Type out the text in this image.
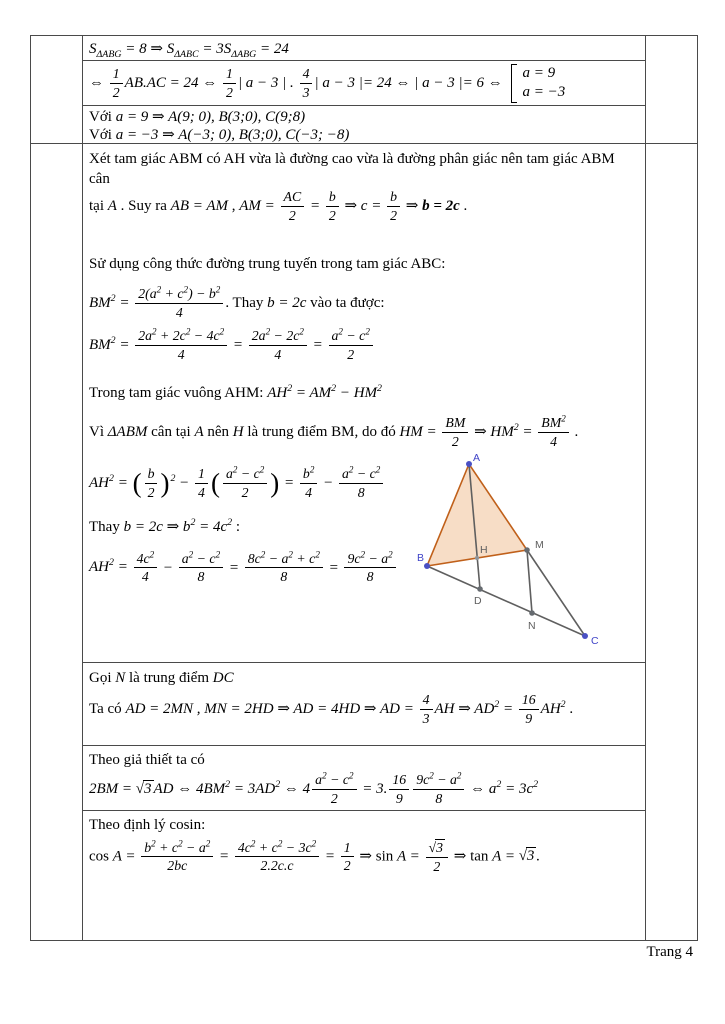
$S_{\Delta ABG} = 8$ ⇒ $S_{\Delta ABC} = 3S_{\Delta ABG} = 24$
⇔ $\frac{1}{2} AB.AC = 24$ ⇔ $\frac{1}{2}$ | a − 3 | . $\frac{4}{3}$ | a − 3 |= 24 ⇔ | a − 3 |= 6 ⇔
a = 9
a = −3
Với a = 9 ⇒ A(9; 0), B(3;0), C(9;8)
Với a = −3 ⇒ A(−3; 0), B(3;0), C(−3; −8)
Xét tam giác ABM có AH vừa là đường cao vừa là đường phân giác nên tam giác ABM cân
tại A . Suy ra AB = AM , AM = $\frac{AC}{2} = \frac{b}{2}$ ⇒ $c = \frac{b}{2}$ ⇒ b = 2c .
Sử dụng công thức đường trung tuyến trong tam giác ABC:
$BM^2 = \frac{2(a^2 + c^2) - b^2}{4}$ . Thay b = 2c vào ta được:
$BM^2 = \frac{2a^2 + 2c^2 - 4c^2}{4} = \frac{2a^2 - 2c^2}{4} = \frac{a^2 - c^2}{2}$
Trong tam giác vuông AHM: $AH^2 = AM^2 - HM^2$
Vì ΔABM cân tại A nên H là trung điểm BM, do đó HM = $\frac{BM}{2}$ ⇒ $HM^2 = \frac{BM^2}{4}$ .
$AH^2$ = ( $\frac{b}{2} )^2 - \frac{1}{4}$ ( $\frac{a^2 - c^2}{2}$ ) = $\frac{b^2}{4} - \frac{a^2 - c^2}{8}$
Thay b = 2c ⇒ $b^2 = 4c^2$ :
$AH^2 = \frac{4c^2}{4} - \frac{a^2 - c^2}{8} = \frac{8c^2 - a^2 + c^2}{8} = \frac{9c^2 - a^2}{8}$
A
B
C
M
H
D
N
Gọi N là trung điểm DC
Ta có AD = 2MN , MN = 2HD ⇒ AD = 4HD ⇒ AD = $\frac{4}{3}$ AH ⇒ $AD^2 = \frac{16}{9} AH^2$ .
Theo giả thiết ta có
2BM = √3 AD ⇔ $4BM^2 = 3AD^2$ ⇔ $4 \frac{a^2 - c^2}{2} = 3$. $\frac{16}{9} \frac{9c^2 - a^2}{8}$ ⇔ $a^2 = 3c^2$
Theo định lý cosin:
$\cos A = \frac{b^2 + c^2 - a^2}{2bc} = \frac{4c^2 + c^2 - 3c^2}{2.2c.c} = \frac{1}{2}$ ⇒ $\sin A = \frac{√3}{2}$ ⇒ tan A = √3 .
Trang 4
